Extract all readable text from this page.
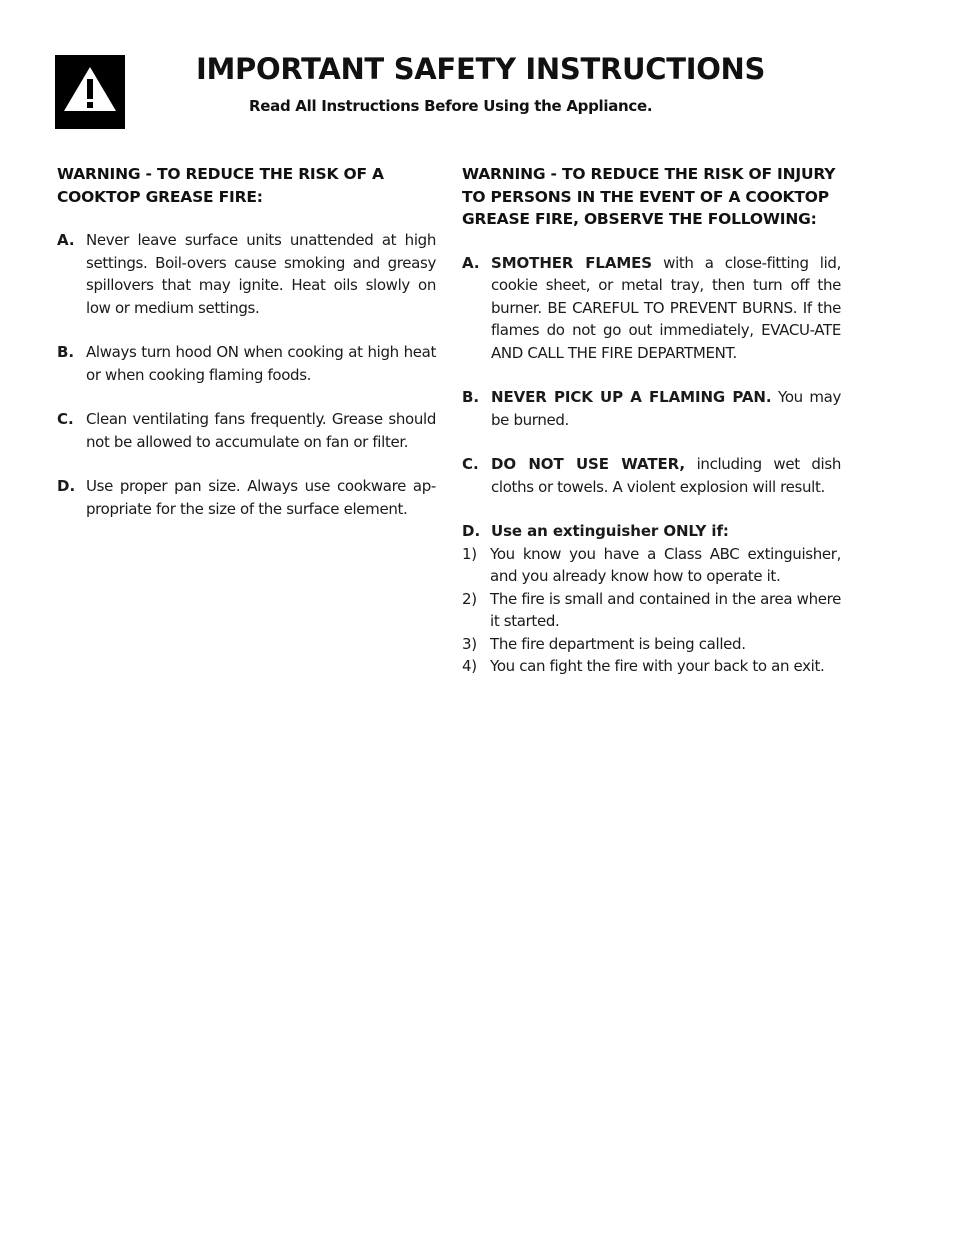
IMPORTANT SAFETY INSTRUCTIONS

Read All Instructions Before Using the Appliance.

WARNING - TO REDUCE THE RISK OF A COOKTOP GREASE FIRE:
A. Never leave surface units unattended at high settings. Boil-overs cause smoking and greasy spillovers that may ignite. Heat oils slowly on low or medium settings.
B. Always turn hood ON when cooking at high heat or when cooking flaming foods.
C. Clean ventilating fans frequently. Grease should not be allowed to accumulate on fan or filter.
D. Use proper pan size. Always use cookware ap-propriate for the size of the surface element.
WARNING - TO REDUCE THE RISK OF INJURY TO PERSONS IN THE EVENT OF A COOKTOP GREASE FIRE, OBSERVE THE FOLLOWING:
A. SMOTHER FLAMES with a close-fitting lid, cookie sheet, or metal tray, then turn off the burner. BE CAREFUL TO PREVENT BURNS. If the flames do not go out immediately, EVACU-ATE AND CALL THE FIRE DEPARTMENT.
B. NEVER PICK UP A FLAMING PAN. You may be burned.
C. DO NOT USE WATER, including wet dish cloths or towels. A violent explosion will result.
D. Use an extinguisher ONLY if:
1) You know you have a Class ABC extinguisher, and you already know how to operate it.
2) The fire is small and contained in the area where it started.
3) The fire department is being called.
4) You can fight the fire with your back to an exit.
